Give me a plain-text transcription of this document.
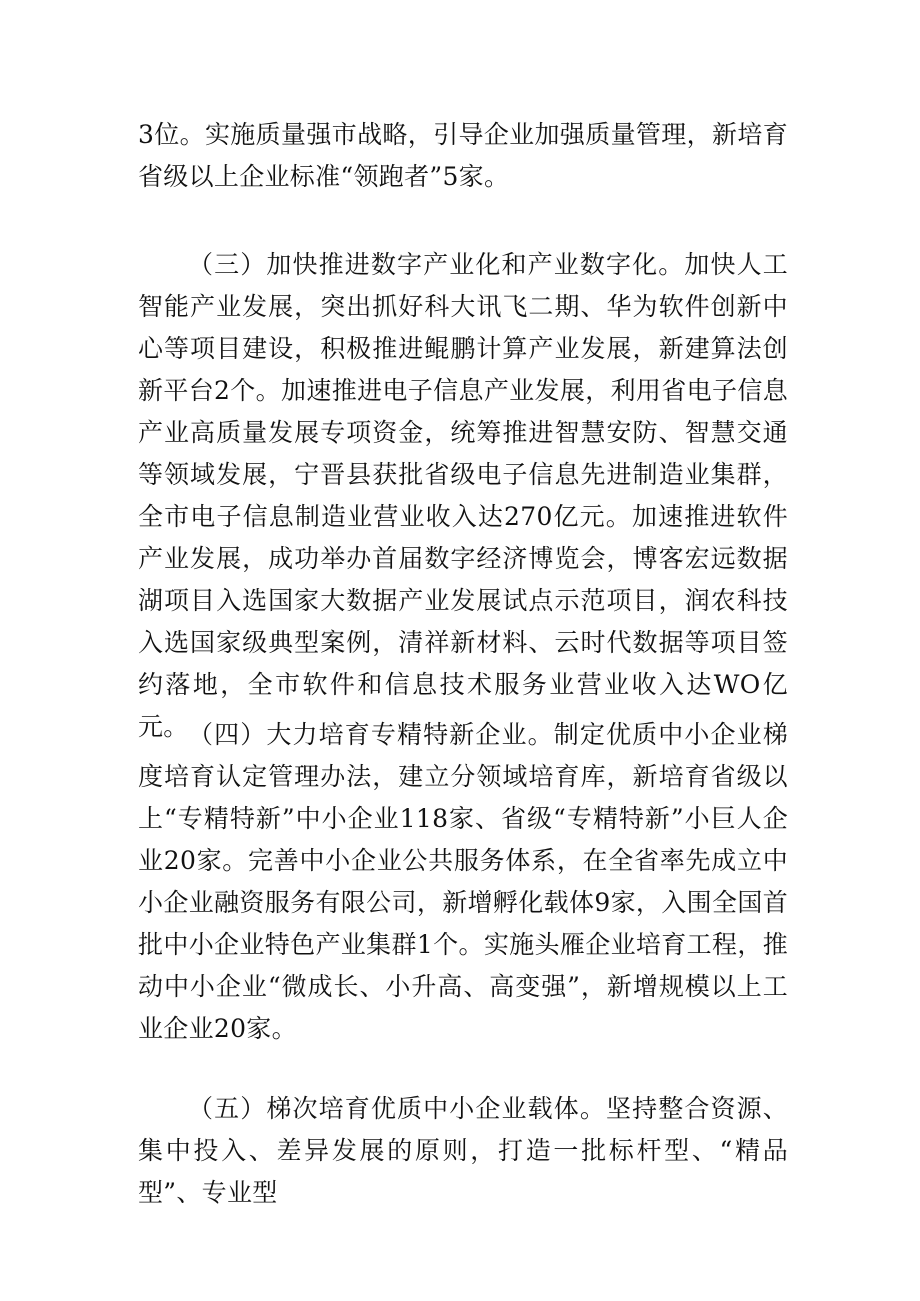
3位。实施质量强市战略，引导企业加强质量管理，新培育省级以上企业标准“领跑者”5家。

（三）加快推进数字产业化和产业数字化。加快人工智能产业发展，突出抓好科大讯飞二期、华为软件创新中心等项目建设，积极推进鲲鹏计算产业发展，新建算法创新平台2个。加速推进电子信息产业发展，利用省电子信息产业高质量发展专项资金，统筹推进智慧安防、智慧交通等领域发展，宁晋县获批省级电子信息先进制造业集群，全市电子信息制造业营业收入达270亿元。加速推进软件产业发展，成功举办首届数字经济博览会，博客宏远数据湖项目入选国家大数据产业发展试点示范项目，润农科技入选国家级典型案例，清祥新材料、云时代数据等项目签约落地，全市软件和信息技术服务业营业收入达WO亿元。 （四）大力培育专精特新企业。制定优质中小企业梯度培育认定管理办法，建立分领域培育库，新培育省级以上“专精特新”中小企业118家、省级“专精特新”小巨人企业20家。完善中小企业公共服务体系，在全省率先成立中小企业融资服务有限公司，新增孵化载体9家，入围全国首批中小企业特色产业集群1个。实施头雁企业培育工程，推动中小企业“微成长、小升高、高变强”，新增规模以上工业企业20家。

（五）梯次培育优质中小企业载体。坚持整合资源、集中投入、差异发展的原则，打造一批标杆型、“精品型”、专业型
